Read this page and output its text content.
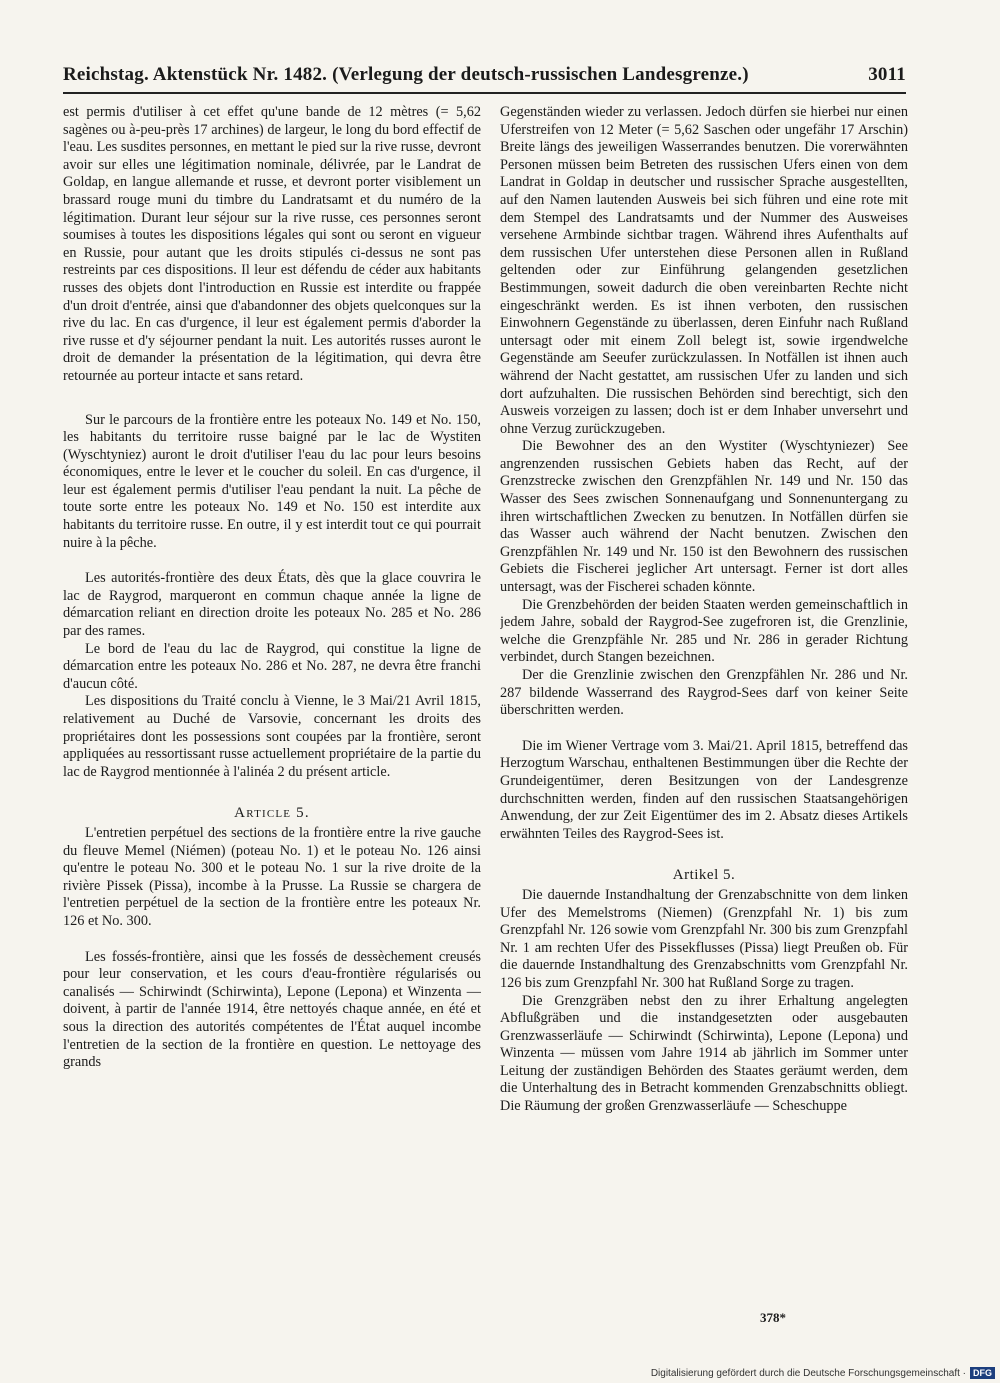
Reichstag. Aktenstück Nr. 1482. (Verlegung der deutsch-russischen Landesgrenze.)	3011

est permis d'utiliser à cet effet qu'une bande de 12 mètres (= 5,62 sagènes ou à-peu-près 17 archines) de largeur, le long du bord effectif de l'eau. Les susdites personnes, en mettant le pied sur la rive russe, devront avoir sur elles une légitimation nominale, délivrée, par le Landrat de Goldap, en langue allemande et russe, et devront porter visiblement un brassard rouge muni du timbre du Landratsamt et du numéro de la légitimation. Durant leur séjour sur la rive russe, ces personnes seront soumises à toutes les dispositions légales qui sont ou seront en vigueur en Russie, pour autant que les droits stipulés ci-dessus ne sont pas restreints par ces dispositions. Il leur est défendu de céder aux habitants russes des objets dont l'introduction en Russie est interdite ou frappée d'un droit d'entrée, ainsi que d'abandonner des objets quelconques sur la rive du lac. En cas d'urgence, il leur est également permis d'aborder la rive russe et d'y séjourner pendant la nuit. Les autorités russes auront le droit de demander la présentation de la légitimation, qui devra être retournée au porteur intacte et sans retard.

Sur le parcours de la frontière entre les poteaux No. 149 et No. 150, les habitants du territoire russe baigné par le lac de Wystiten (Wyschtyniez) auront le droit d'utiliser l'eau du lac pour leurs besoins économiques, entre le lever et le coucher du soleil. En cas d'urgence, il leur est également permis d'utiliser l'eau pendant la nuit. La pêche de toute sorte entre les poteaux No. 149 et No. 150 est interdite aux habitants du territoire russe. En outre, il y est interdit tout ce qui pourrait nuire à la pêche.

Les autorités-frontière des deux États, dès que la glace couvrira le lac de Raygrod, marqueront en commun chaque année la ligne de démarcation reliant en direction droite les poteaux No. 285 et No. 286 par des rames.

Le bord de l'eau du lac de Raygrod, qui constitue la ligne de démarcation entre les poteaux No. 286 et No. 287, ne devra être franchi d'aucun côté.

Les dispositions du Traité conclu à Vienne, le 3 Mai/21 Avril 1815, relativement au Duché de Varsovie, concernant les droits des propriétaires dont les possessions sont coupées par la frontière, seront appliquées au ressortissant russe actuellement propriétaire de la partie du lac de Raygrod mentionnée à l'alinéa 2 du présent article.

Article 5.

L'entretien perpétuel des sections de la frontière entre la rive gauche du fleuve Memel (Niémen) (poteau No. 1) et le poteau No. 126 ainsi qu'entre le poteau No. 300 et le poteau No. 1 sur la rive droite de la rivière Pissek (Pissa), incombe à la Prusse. La Russie se chargera de l'entretien perpétuel de la section de la frontière entre les poteaux Nr. 126 et No. 300.

Les fossés-frontière, ainsi que les fossés de dessèchement creusés pour leur conservation, et les cours d'eau-frontière régularisés ou canalisés — Schirwindt (Schirwinta), Lepone (Lepona) et Winzenta — doivent, à partir de l'année 1914, être nettoyés chaque année, en été et sous la direction des autorités compétentes de l'État auquel incombe l'entretien de la section de la frontière en question. Le nettoyage des grands

Gegenständen wieder zu verlassen. Jedoch dürfen sie hierbei nur einen Uferstreifen von 12 Meter (= 5,62 Saschen oder ungefähr 17 Arschin) Breite längs des jeweiligen Wasserrandes benutzen. Die vorerwähnten Personen müssen beim Betreten des russischen Ufers einen von dem Landrat in Goldap in deutscher und russischer Sprache ausgestellten, auf den Namen lautenden Ausweis bei sich führen und eine rote mit dem Stempel des Landratsamts und der Nummer des Ausweises versehene Armbinde sichtbar tragen. Während ihres Aufenthalts auf dem russischen Ufer unterstehen diese Personen allen in Rußland geltenden oder zur Einführung gelangenden gesetzlichen Bestimmungen, soweit dadurch die oben vereinbarten Rechte nicht eingeschränkt werden. Es ist ihnen verboten, den russischen Einwohnern Gegenstände zu überlassen, deren Einfuhr nach Rußland untersagt oder mit einem Zoll belegt ist, sowie irgendwelche Gegenstände am Seeufer zurückzulassen. In Notfällen ist ihnen auch während der Nacht gestattet, am russischen Ufer zu landen und sich dort aufzuhalten. Die russischen Behörden sind berechtigt, sich den Ausweis vorzeigen zu lassen; doch ist er dem Inhaber unversehrt und ohne Verzug zurückzugeben.

Die Bewohner des an den Wystiter (Wyschtyniezer) See angrenzenden russischen Gebiets haben das Recht, auf der Grenzstrecke zwischen den Grenzpfählen Nr. 149 und Nr. 150 das Wasser des Sees zwischen Sonnenaufgang und Sonnenuntergang zu ihren wirtschaftlichen Zwecken zu benutzen. In Notfällen dürfen sie das Wasser auch während der Nacht benutzen. Zwischen den Grenzpfählen Nr. 149 und Nr. 150 ist den Bewohnern des russischen Gebiets die Fischerei jeglicher Art untersagt. Ferner ist dort alles untersagt, was der Fischerei schaden könnte.

Die Grenzbehörden der beiden Staaten werden gemeinschaftlich in jedem Jahre, sobald der Raygrod-See zugefroren ist, die Grenzlinie, welche die Grenzpfähle Nr. 285 und Nr. 286 in gerader Richtung verbindet, durch Stangen bezeichnen.

Der die Grenzlinie zwischen den Grenzpfählen Nr. 286 und Nr. 287 bildende Wasserrand des Raygrod-Sees darf von keiner Seite überschritten werden.

Die im Wiener Vertrage vom 3. Mai/21. April 1815, betreffend das Herzogtum Warschau, enthaltenen Bestimmungen über die Rechte der Grundeigentümer, deren Besitzungen von der Landesgrenze durchschnitten werden, finden auf den russischen Staatsangehörigen Anwendung, der zur Zeit Eigentümer des im 2. Absatz dieses Artikels erwähnten Teiles des Raygrod-Sees ist.

Artikel 5.

Die dauernde Instandhaltung der Grenzabschnitte von dem linken Ufer des Memelstroms (Niemen) (Grenzpfahl Nr. 1) bis zum Grenzpfahl Nr. 126 sowie vom Grenzpfahl Nr. 300 bis zum Grenzpfahl Nr. 1 am rechten Ufer des Pissekflusses (Pissa) liegt Preußen ob. Für die dauernde Instandhaltung des Grenzabschnitts vom Grenzpfahl Nr. 126 bis zum Grenzpfahl Nr. 300 hat Rußland Sorge zu tragen.

Die Grenzgräben nebst den zu ihrer Erhaltung angelegten Abflußgräben und die instandgesetzten oder ausgebauten Grenzwasserläufe — Schirwindt (Schirwinta), Lepone (Lepona) und Winzenta — müssen vom Jahre 1914 ab jährlich im Sommer unter Leitung der zuständigen Behörden des Staates geräumt werden, dem die Unterhaltung des in Betracht kommenden Grenzabschnitts obliegt. Die Räumung der großen Grenzwasserläufe — Scheschuppe

378*
Digitalisierung gefördert durch die Deutsche Forschungsgemeinschaft · DFG
